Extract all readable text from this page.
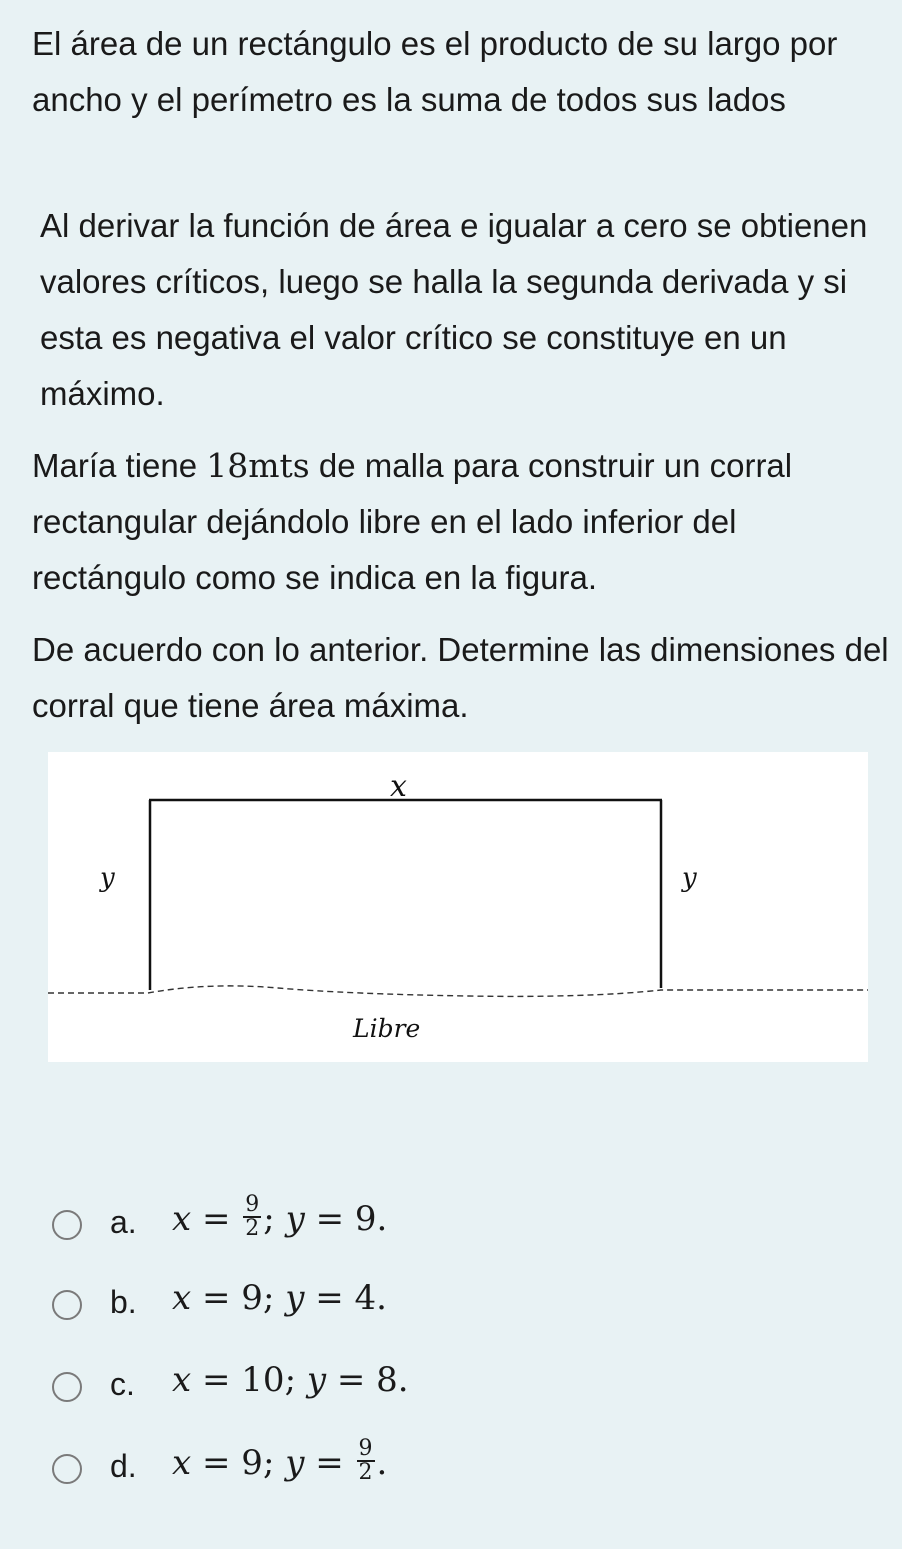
El área de un rectángulo es el producto de su largo por ancho y el perímetro es la suma de todos sus lados

Al derivar la función de área e igualar a cero se obtienen valores críticos, luego se halla la segunda derivada y si esta es negativa el valor crítico se constituye en un máximo.

María tiene 18mts de malla para construir un corral rectangular dejándolo libre en el lado inferior del rectángulo como se indica en la figura.

De acuerdo con lo anterior. Determine las dimensiones del corral que tiene área máxima.

x
y	y
Libre
a. $x = \frac{9}{2}$ ; y = 9.
b. x = 9; y = 4.
c. x = 10; y = 8.
d. x = 9; $y = \frac{9}{2}$ .
